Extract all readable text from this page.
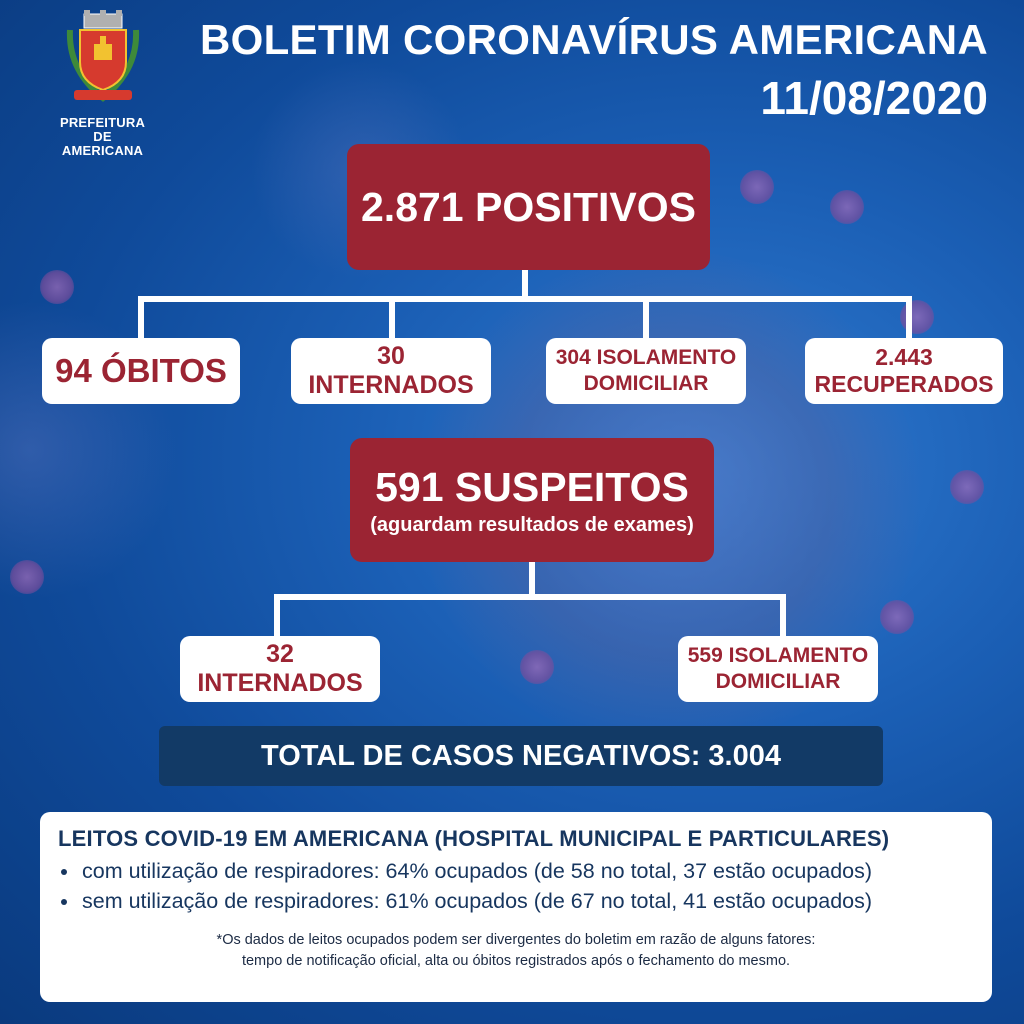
PREFEITURA
DE AMERICANA
BOLETIM CORONAVÍRUS AMERICANA
11/08/2020
2.871 POSITIVOS
94 ÓBITOS	30 INTERNADOS
304 ISOLAMENTO
DOMICILIAR
2.443
RECUPERADOS
591 SUSPEITOS
(aguardam resultados de exames)
32 INTERNADOS
559 ISOLAMENTO
DOMICILIAR
TOTAL DE CASOS NEGATIVOS: 3.004
LEITOS COVID-19 EM AMERICANA (HOSPITAL MUNICIPAL E PARTICULARES)
• com utilização de respiradores: 64% ocupados (de 58 no total, 37 estão ocupados)
• sem utilização de respiradores: 61% ocupados (de 67 no total, 41 estão ocupados)
*Os dados de leitos ocupados podem ser divergentes do boletim em razão de alguns fatores:
tempo de notificação oficial, alta ou óbitos registrados após o fechamento do mesmo.
